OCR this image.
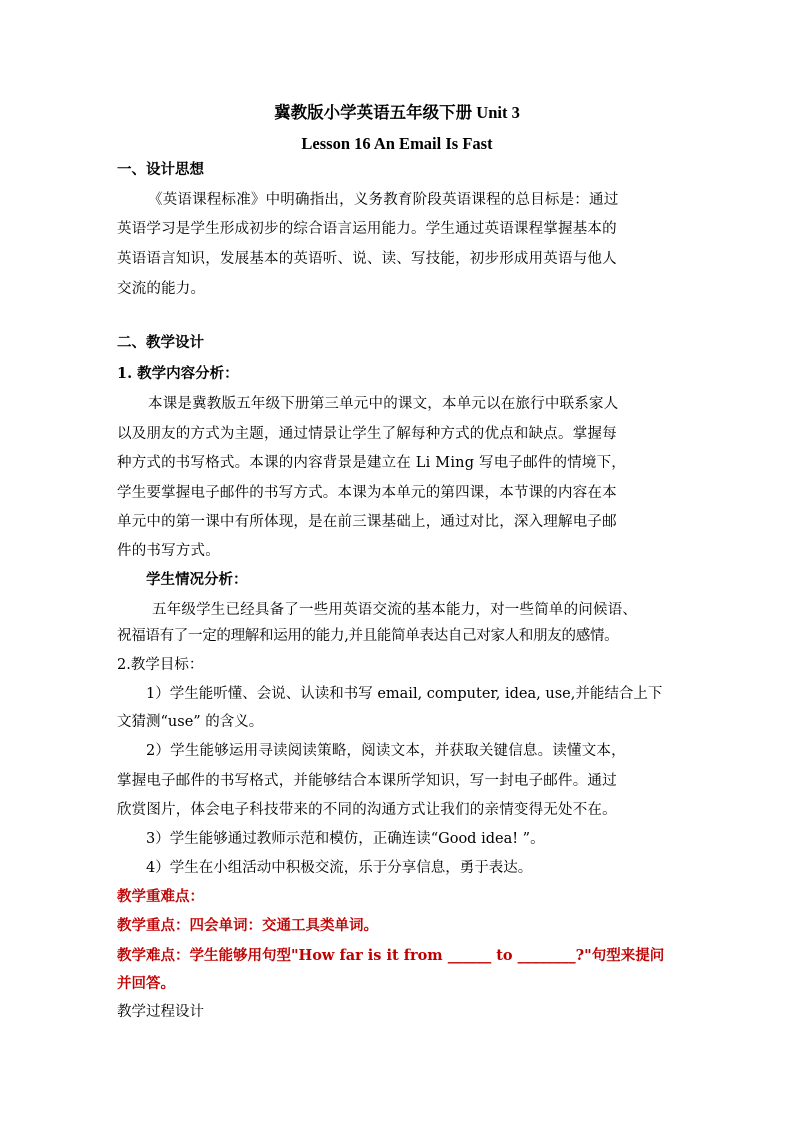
冀教版小学英语五年级下册 Unit 3
Lesson 16 An Email Is Fast
一、设计思想
《英语课程标准》中明确指出，义务教育阶段英语课程的总目标是：通过
英语学习是学生形成初步的综合语言运用能力。学生通过英语课程掌握基本的
英语语言知识，发展基本的英语听、说、读、写技能，初步形成用英语与他人
交流的能力。
二、教学设计
1. 教学内容分析：
本课是冀教版五年级下册第三单元中的课文，本单元以在旅行中联系家人
以及朋友的方式为主题，通过情景让学生了解每种方式的优点和缺点。掌握每
种方式的书写格式。本课的内容背景是建立在 Li Ming 写电子邮件的情境下，
学生要掌握电子邮件的书写方式。本课为本单元的第四课，本节课的内容在本
单元中的第一课中有所体现，是在前三课基础上，通过对比，深入理解电子邮
件的书写方式。
学生情况分析：
五年级学生已经具备了一些用英语交流的基本能力，对一些简单的问候语、
祝福语有了一定的理解和运用的能力,并且能简单表达自己对家人和朋友的感情。
2.教学目标：
1）学生能听懂、会说、认读和书写 email, computer, idea, use,并能结合上下
文猜测“use” 的含义。
2）学生能够运用寻读阅读策略，阅读文本，并获取关键信息。读懂文本，
掌握电子邮件的书写格式，并能够结合本课所学知识，写一封电子邮件。通过
欣赏图片，体会电子科技带来的不同的沟通方式让我们的亲情变得无处不在。
3）学生能够通过教师示范和模仿，正确连读“Good idea! ”。
4）学生在小组活动中积极交流，乐于分享信息，勇于表达。
教学重难点：
教学重点：四会单词：交通工具类单词。
教学难点：学生能够用句型"How far is it from ______ to ________?"句型来提问
并回答。
教学过程设计
